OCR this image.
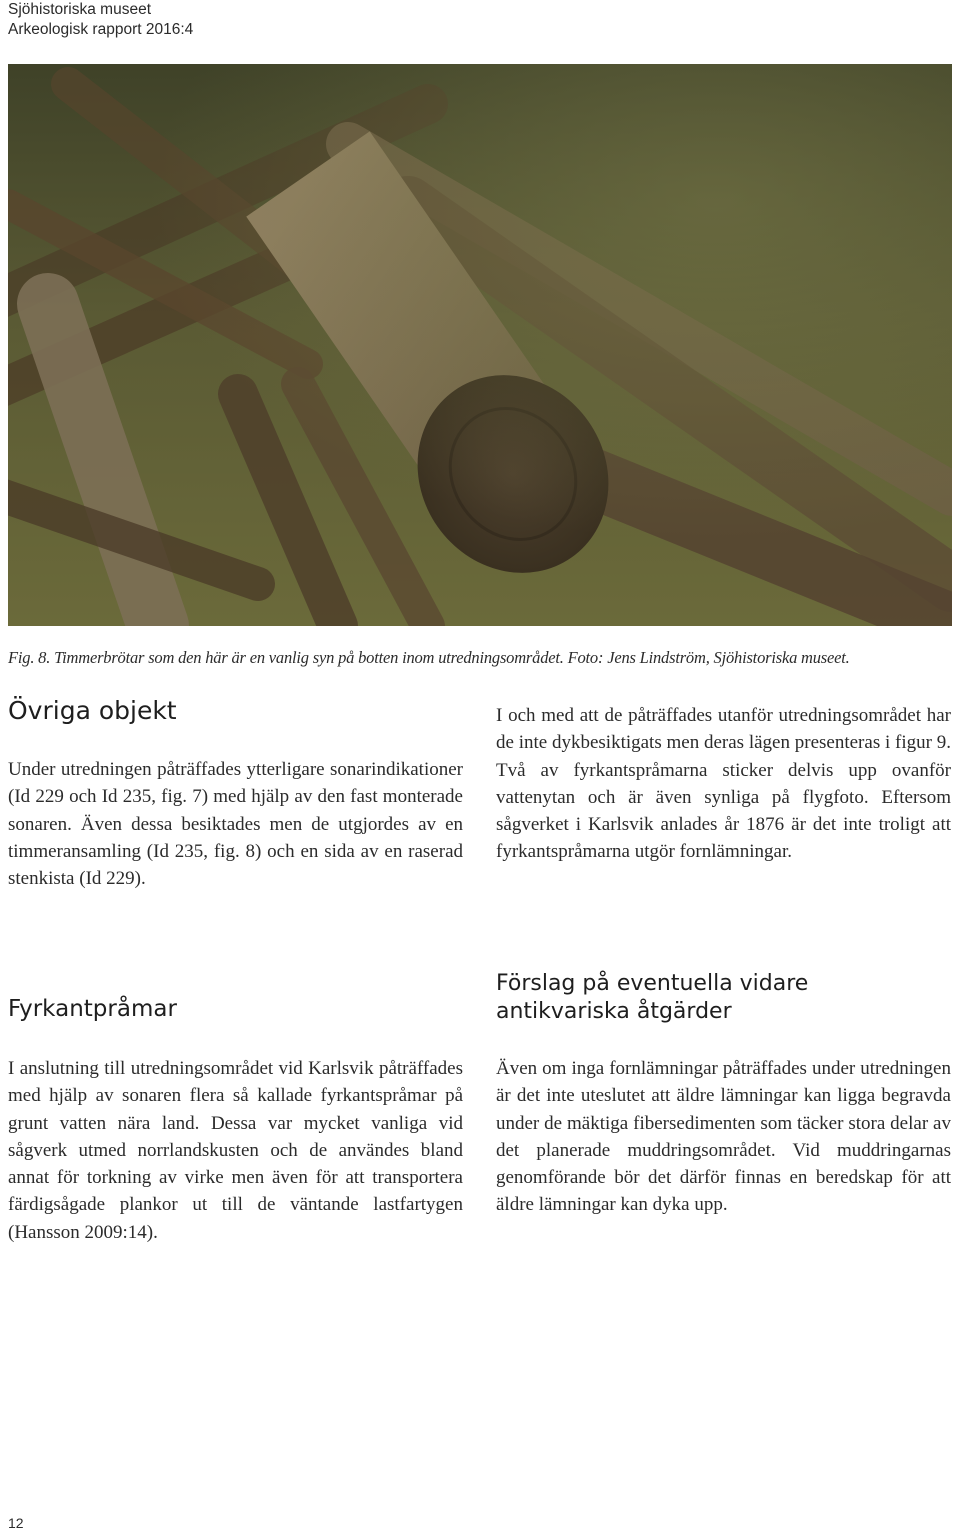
Sjöhistoriska museet
Arkeologisk rapport 2016:4
Fig. 8. Timmerbrötar som den här är en vanlig syn på botten inom utredningsområdet. Foto: Jens Lindström, Sjöhistoriska museet.
Övriga objekt

Under utredningen påträffades ytterligare sonarindikationer (Id 229 och Id 235, fig. 7) med hjälp av den fast monterade sonaren. Även dessa besiktades men de utgjordes av en timmeransamling (Id 235, fig. 8) och en sida av en raserad stenkista (Id 229).

I och med att de påträffades utanför utredningsområdet har de inte dykbesiktigats men deras lägen presenteras i figur 9. Två av fyrkantspråmarna sticker delvis upp ovanför vattenytan och är även synliga på flygfoto. Eftersom sågverket i Karlsvik anlades år 1876 är det inte troligt att fyrkantspråmarna utgör fornlämningar.

Fyrkantpråmar

I anslutning till utredningsområdet vid Karlsvik påträffades med hjälp av sonaren flera så kallade fyrkantspråmar på grunt vatten nära land. Dessa var mycket vanliga vid sågverk utmed norrlandskusten och de användes bland annat för torkning av virke men även för att transportera färdigsågade plankor ut till de väntande lastfartygen (Hansson 2009:14).

Förslag på eventuella vidare antikvariska åtgärder

Även om inga fornlämningar påträffades under utredningen är det inte uteslutet att äldre lämningar kan ligga begravda under de mäktiga fibersedimenten som täcker stora delar av det planerade muddringsområdet. Vid muddringarnas genomförande bör det därför finnas en beredskap för att äldre lämningar kan dyka upp.

12
